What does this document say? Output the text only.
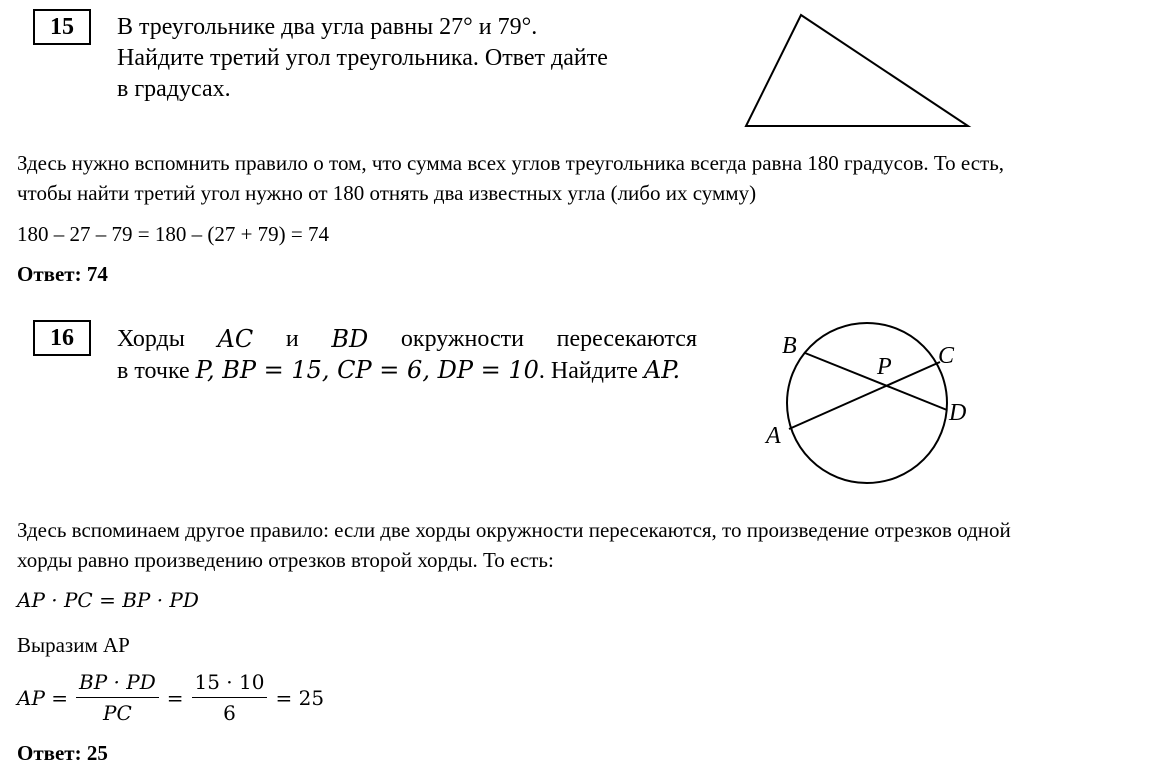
15	В треугольнике два угла равны 27° и 79°.
Найдите третий угол треугольника. Ответ дайте
в градусах.
Здесь нужно вспомнить правило о том, что сумма всех углов треугольника всегда равна 180 градусов. То есть,
чтобы найти третий угол нужно от 180 отнять два известных угла (либо их сумму)
180 – 27 – 79 = 180 – (27 + 79) = 74
Ответ: 74
16	Хорды AC и BD окружности пересекаются
в точке P, BP = 15, CP = 6, DP = 10. Найдите AP.
B	C
P
D
A
Здесь вспоминаем другое правило: если две хорды окружности пересекаются, то произведение отрезков одной
хорды равно произведению отрезков второй хорды. То есть:
AP · PC = BP · PD
Выразим AP
AP = $\frac{BP \cdot PD}{PC} = \frac{15 \cdot 10}{6} = 25$
Ответ: 25
